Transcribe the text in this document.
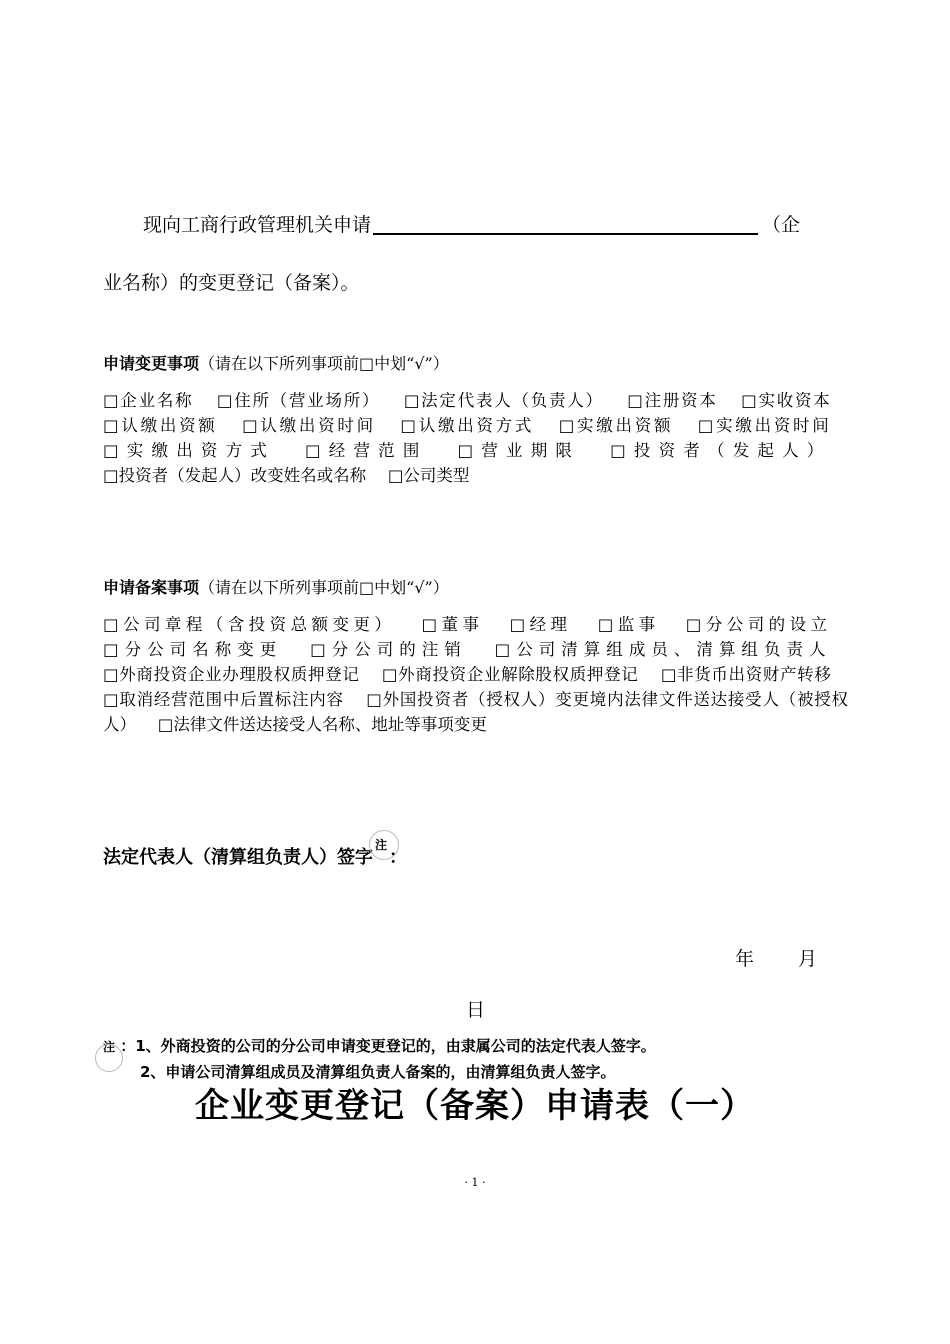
现向工商行政管理机关申请	（企
业名称）的变更登记（备案）。
申请变更事项（请在以下所列事项前□中划“√”）
□企业名称  □住所（营业场所）  □法定代表人（负责人）  □注册资本  □实收资本  □认缴出资额  □认缴出资时间  □认缴出资方式  □实缴出资额  □实缴出资时间  □实缴出资方式  □经营范围  □营业期限  □投资者（发起人）  □投资者（发起人）改变姓名或名称  □公司类型
申请备案事项（请在以下所列事项前□中划“√”）
□公司章程（含投资总额变更）  □董事  □经理  □监事  □分公司的设立  □分公司名称变更  □分公司的注销  □公司清算组成员、清算组负责人  □外商投资企业办理股权质押登记  □外商投资企业解除股权质押登记  □非货币出资财产转移  □取消经营范围中后置标注内容  □外国投资者（授权人）变更境内法律文件送达接受人（被授权人）  □法律文件送达接受人名称、地址等事项变更
法定代表人（清算组负责人）签字
注：
年 月
日
注 ：1、外商投资的公司的分公司申请变更登记的，由隶属公司的法定代表人签字。
2、申请公司清算组成员及清算组负责人备案的，由清算组负责人签字。
企业变更登记（备案）申请表（一）
· 1 ·
